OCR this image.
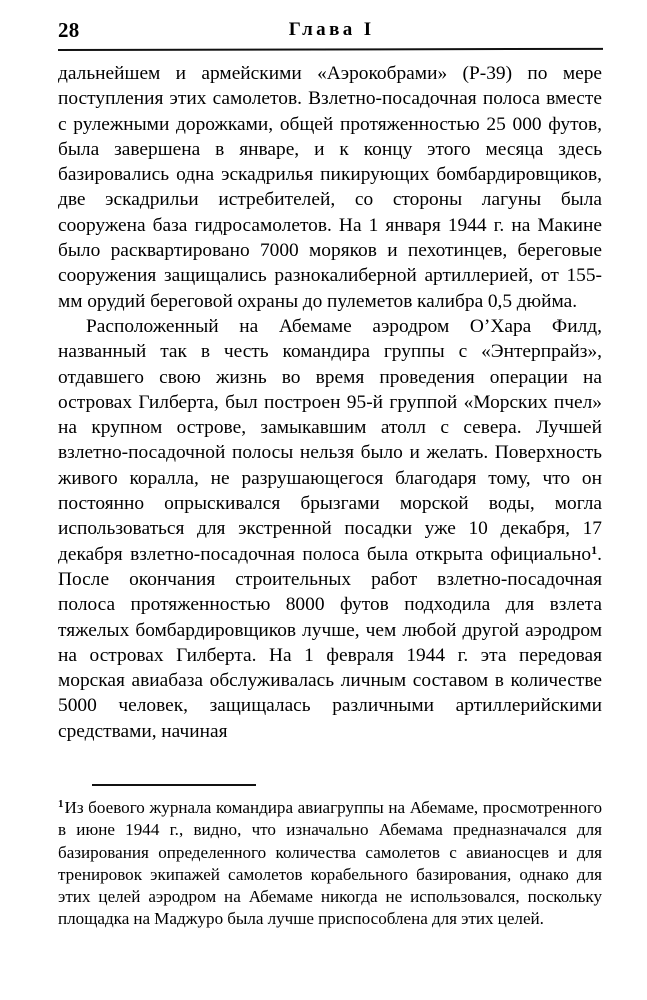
28	Глава I

дальнейшем и армейскими «Аэрокобрами» (Р-39) по мере поступления этих самолетов. Взлетно-посадочная полоса вместе с рулежными дорожками, общей протяженностью 25 000 футов, была завершена в январе, и к концу этого месяца здесь базировались одна эскадрилья пикирующих бомбардировщиков, две эскадрильи истребителей, со стороны лагуны была сооружена база гидросамолетов. На 1 января 1944 г. на Макине было расквартировано 7000 моряков и пехотинцев, береговые сооружения защищались разнокалиберной артиллерией, от 155-мм орудий береговой охраны до пулеметов калибра 0,5 дюйма.

Расположенный на Абемаме аэродром О’Хара Филд, названный так в честь командира группы с «Энтерпрайз», отдавшего свою жизнь во время проведения операции на островах Гилберта, был построен 95-й группой «Морских пчел» на крупном острове, замыкавшим атолл с севера. Лучшей взлетно-посадочной полосы нельзя было и желать. Поверхность живого коралла, не разрушающегося благодаря тому, что он постоянно опрыскивался брызгами морской воды, могла использоваться для экстренной посадки уже 10 декабря, 17 декабря взлетно-посадочная полоса была открыта официально$^1$. После окончания строительных работ взлетно-посадочная полоса протяженностью 8000 футов подходила для взлета тяжелых бомбардировщиков лучше, чем любой другой аэродром на островах Гилберта. На 1 февраля 1944 г. эта передовая морская авиабаза обслуживалась личным составом в количестве 5000 человек, защищалась различными артиллерийскими средствами, начиная

$^1$Из боевого журнала командира авиагруппы на Абемаме, просмотренного в июне 1944 г., видно, что изначально Абемама предназначался для базирования определенного количества самолетов с авианосцев и для тренировок экипажей самолетов корабельного базирования, однако для этих целей аэродром на Абемаме никогда не использовался, поскольку площадка на Маджуро была лучше приспособлена для этих целей.
